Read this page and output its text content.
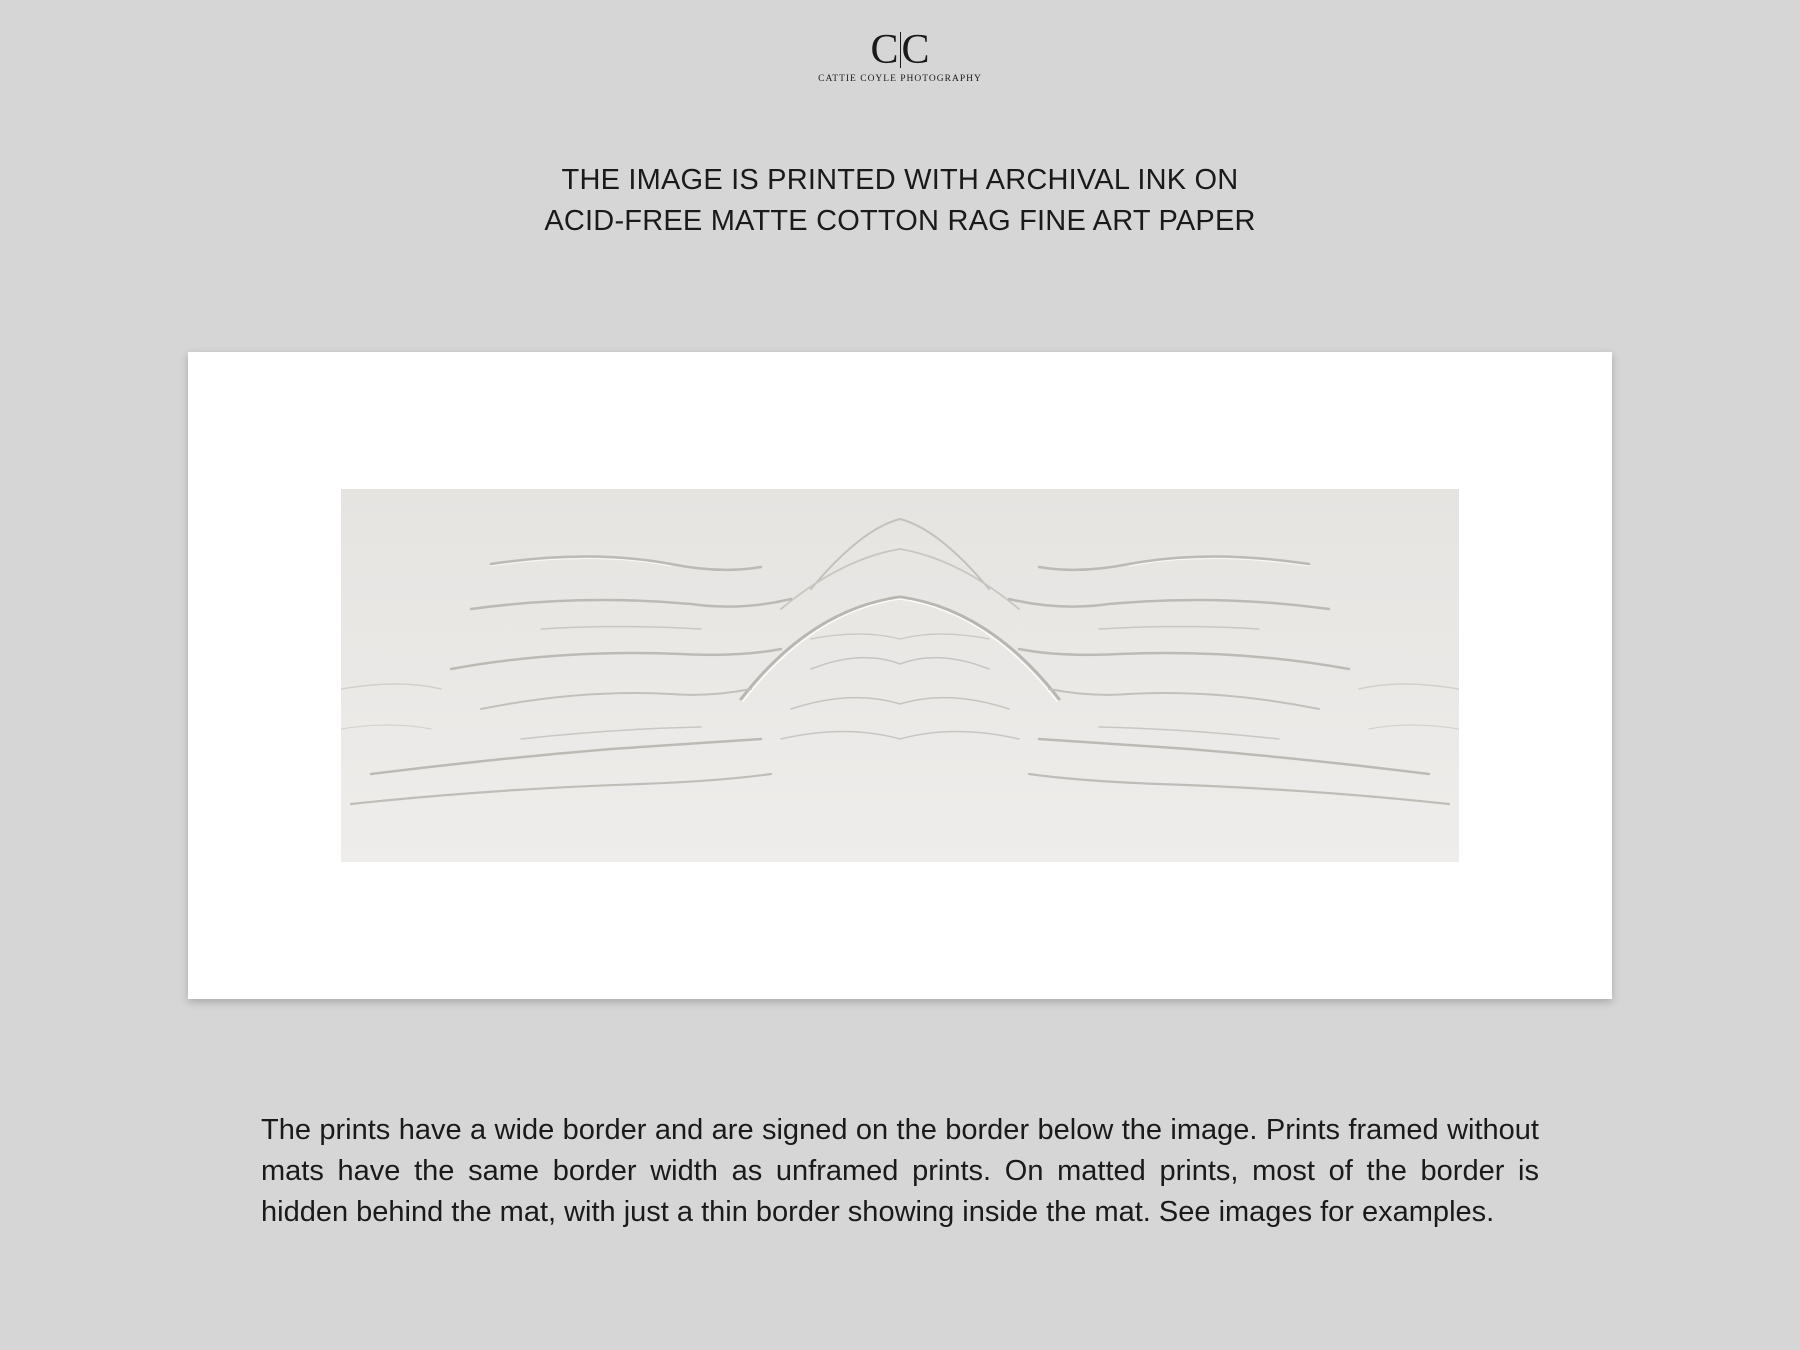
C C
CATTIE COYLE PHOTOGRAPHY
THE IMAGE IS PRINTED WITH ARCHIVAL INK ON
ACID-FREE MATTE COTTON RAG FINE ART PAPER
The prints have a wide border and are signed on the border below the image. Prints framed without mats have the same border width as unframed prints. On matted prints, most of the border is hidden behind the mat, with just a thin border showing inside the mat. See images for examples.
